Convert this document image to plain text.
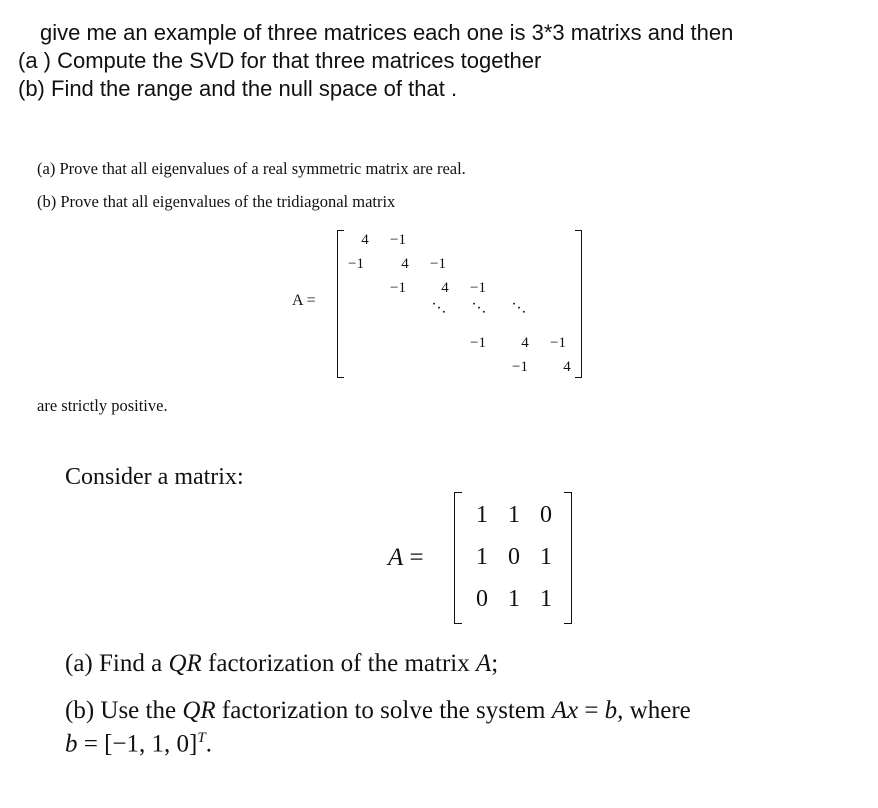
give me an example of three matrices each one is 3*3 matrixs and then
(a ) Compute the SVD for that three matrices together
(b) Find the range and the null space of that .
(a) Prove that all eigenvalues of a real symmetric matrix are real.
(b) Prove that all eigenvalues of the tridiagonal matrix
A =
4	−1
−1	4	−1
−1	4	−1
··· ··· ···
−1	4	−1
−1	4
are strictly positive.
Consider a matrix:
A =
1 1 0
1 0 1
0 1 1
(a) Find a QR factorization of the matrix A;
(b) Use the QR factorization to solve the system Ax = b, where
b = [−1, 1, 0]$^T$.
